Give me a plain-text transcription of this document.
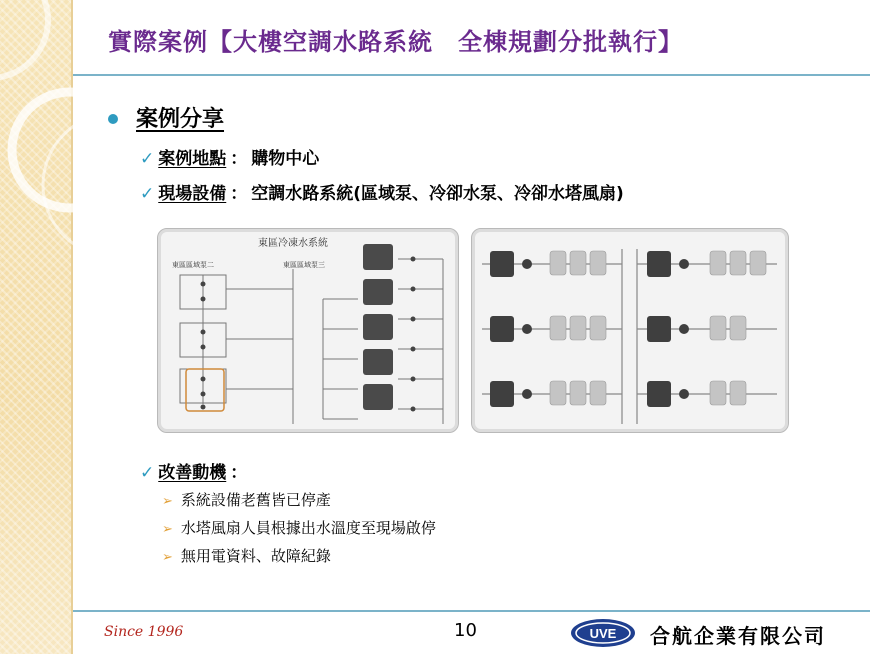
實際案例【大樓空調水路系統　全棟規劃分批執行】
案例分享
✓ 案例地點 ： 購物中心
✓ 現場設備 ： 空調水路系統(區域泵、冷卻水泵、冷卻水塔風扇)
東區冷凍水系統
東區區域泵二	東區區域泵三
✓ 改善動機 ：
➢ 系統設備老舊皆已停產
➢ 水塔風扇人員根據出水溫度至現場啟停
➢ 無用電資料、故障紀錄
Since 1996	10	UVE 合航企業有限公司
